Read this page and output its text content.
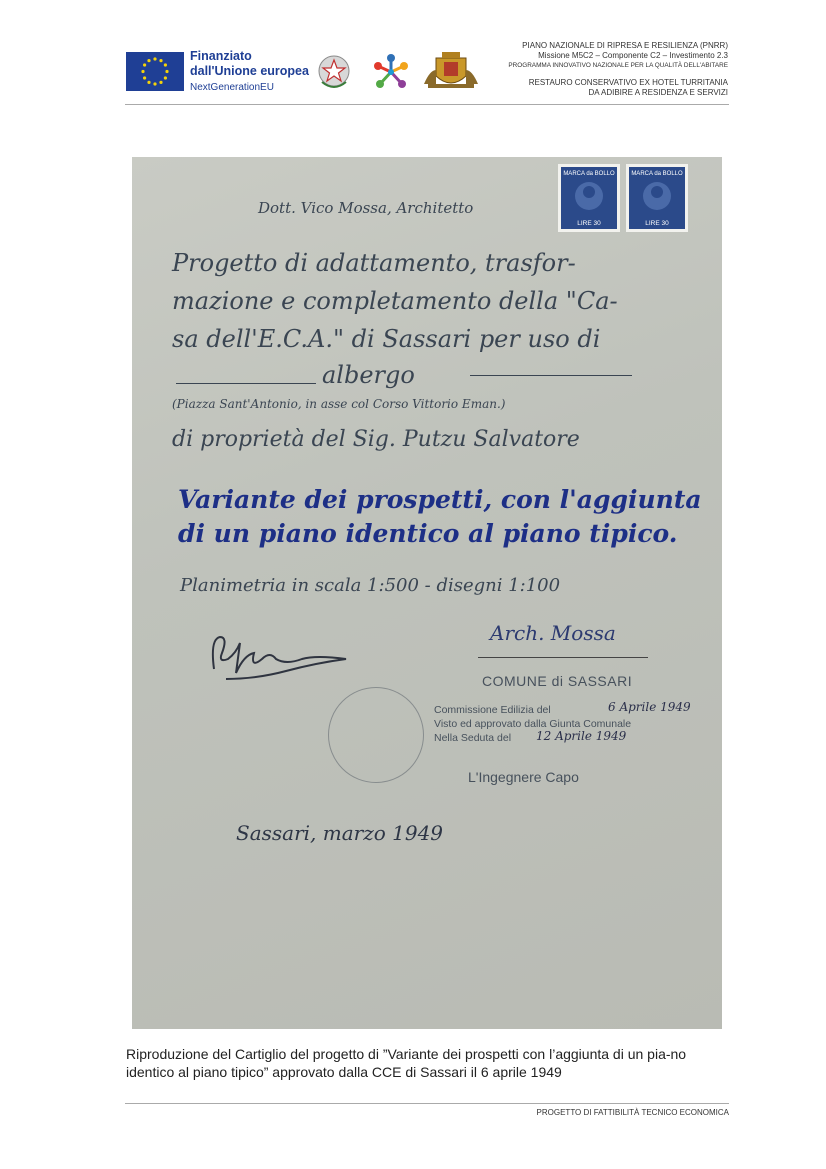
Finanziato
dall'Unione europea
NextGenerationEU
PIANO NAZIONALE DI RIPRESA E RESILIENZA (PNRR)
Missione M5C2 – Componente C2 – Investimento 2.3
PROGRAMMA INNOVATIVO NAZIONALE PER LA QUALITÀ DELL'ABITARE
RESTAURO CONSERVATIVO EX HOTEL TURRITANIA
DA ADIBIRE A RESIDENZA E SERVIZI
MARCA da BOLLO
LIRE 30
MARCA da BOLLO
LIRE 30
Dott. Vico Mossa, Architetto
Progetto di adattamento, trasfor-
mazione e completamento della "Ca-
sa dell'E.C.A." di Sassari per uso di
albergo
(Piazza Sant'Antonio, in asse col Corso Vittorio Eman.)
di proprietà del Sig. Putzu Salvatore
Variante dei prospetti, con l'aggiunta
di un piano identico al piano tipico.
Planimetria in scala 1:500 - disegni 1:100
Arch. Mossa
COMUNE di SASSARI
Commissione Edilizia del
Visto ed approvato dalla Giunta Comunale
Nella Seduta del
6 Aprile 1949
12 Aprile 1949
L'Ingegnere Capo
Sassari, marzo 1949
Riproduzione del Cartiglio del progetto di ”Variante dei prospetti con l’aggiunta di un pia-no identico al piano tipico” approvato dalla CCE di Sassari il 6 aprile 1949
PROGETTO DI FATTIBILITÀ TECNICO ECONOMICA
